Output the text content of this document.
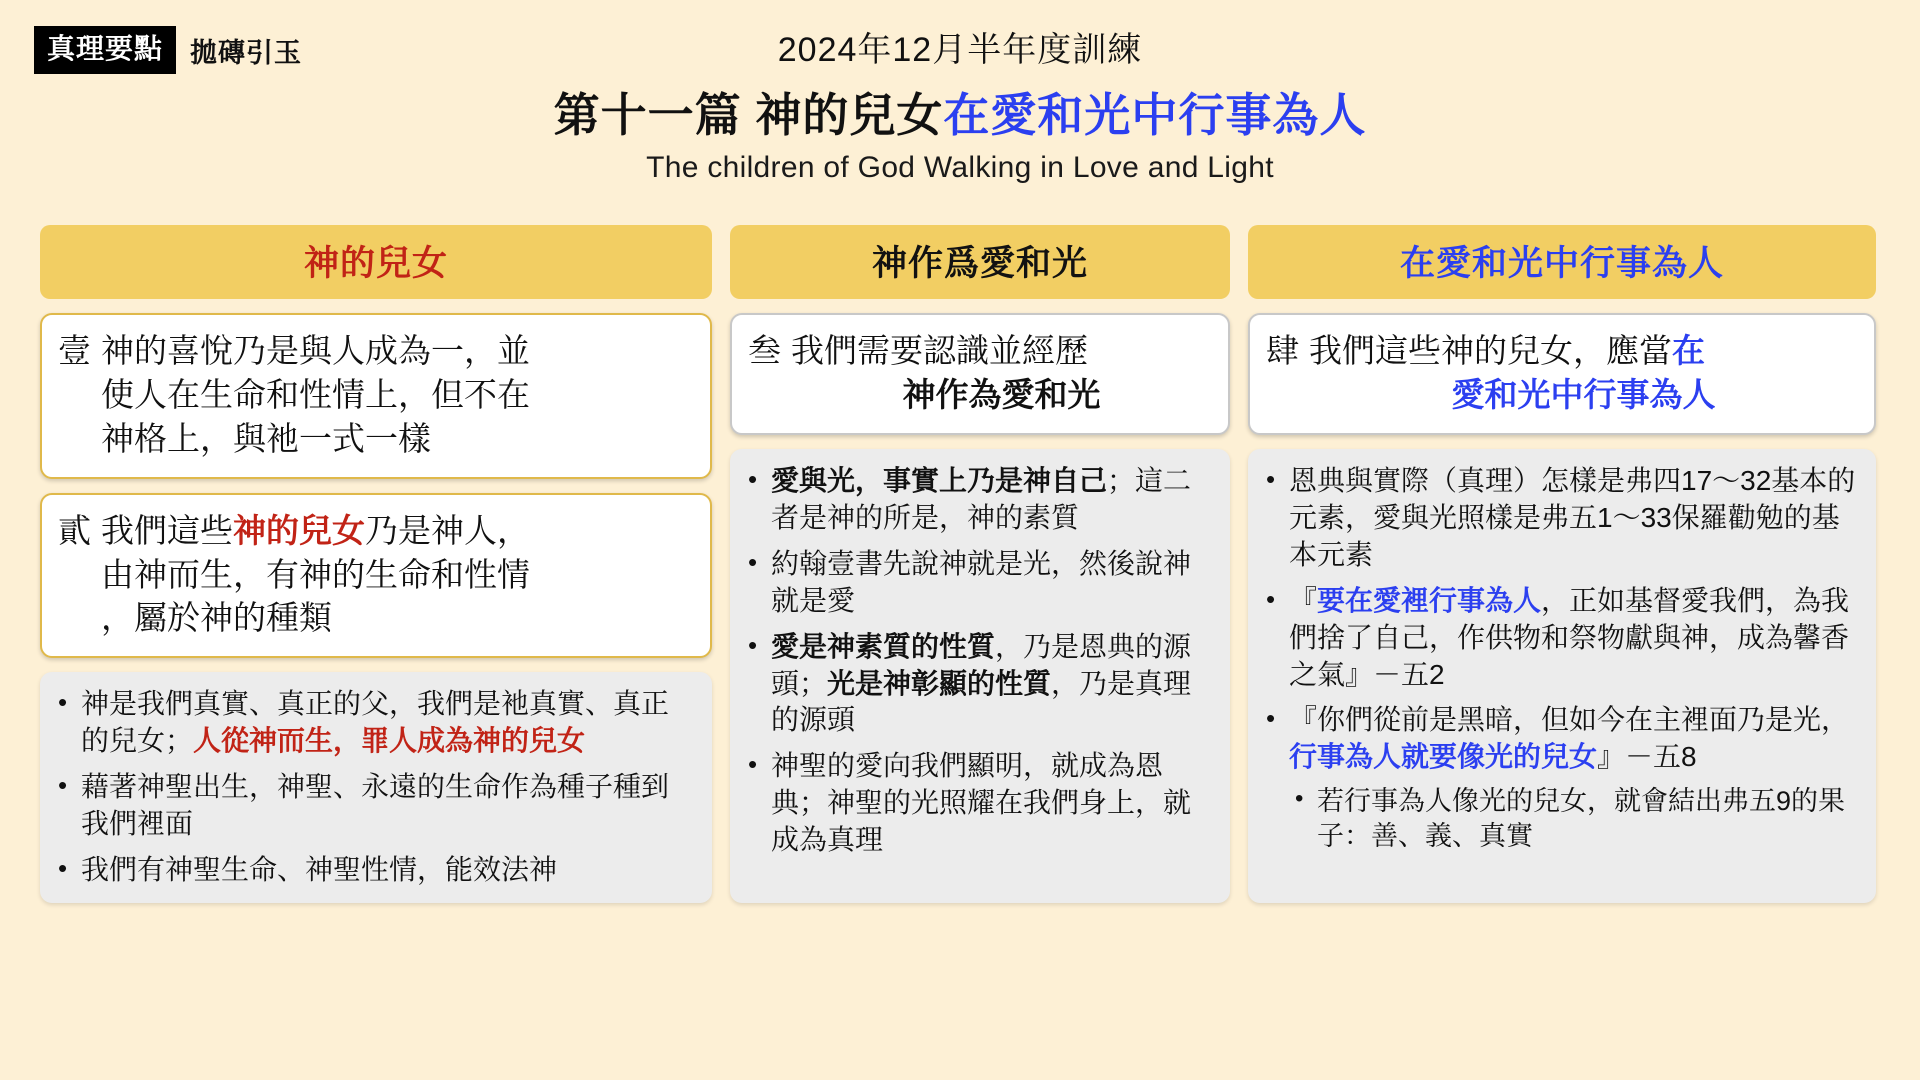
真理要點	拋磚引玉	2024年12月半年度訓練
第十一篇 神的兒女在愛和光中行事為人
The children of God Walking in Love and Light
神的兒女
壹 神的喜悅乃是與人成為一，並
使人在生命和性情上，但不在
神格上，與衪一式一樣
貳 我們這些神的兒女乃是神人，
由神而生，有神的生命和性情
，屬於神的種類
• 神是我們真實、真正的父，我們是衪真實、真正的兒女；人從神而生，罪人成為神的兒女
• 藉著神聖出生，神聖、永遠的生命作為種子種到我們裡面
• 我們有神聖生命、神聖性情，能效法神
神作爲愛和光
叁 我們需要認識並經歷
神作為愛和光
• 愛與光，事實上乃是神自己；這二者是神的所是，神的素質
• 約翰壹書先說神就是光，然後說神就是愛
• 愛是神素質的性質，乃是恩典的源頭；光是神彰顯的性質，乃是真理的源頭
• 神聖的愛向我們顯明，就成為恩典；神聖的光照耀在我們身上，就成為真理
在愛和光中行事為人
肆 我們這些神的兒女，應當在
愛和光中行事為人
• 恩典與實際（真理）怎樣是弗四17～32基本的元素，愛與光照樣是弗五1～33保羅勸勉的基本元素
• 『要在愛裡行事為人，正如基督愛我們，為我們捨了自己，作供物和祭物獻與神，成為馨香之氣』－五2
• 『你們從前是黑暗，但如今在主裡面乃是光，行事為人就要像光的兒女』－五8
• 若行事為人像光的兒女，就會結出弗五9的果子：善、義、真實
